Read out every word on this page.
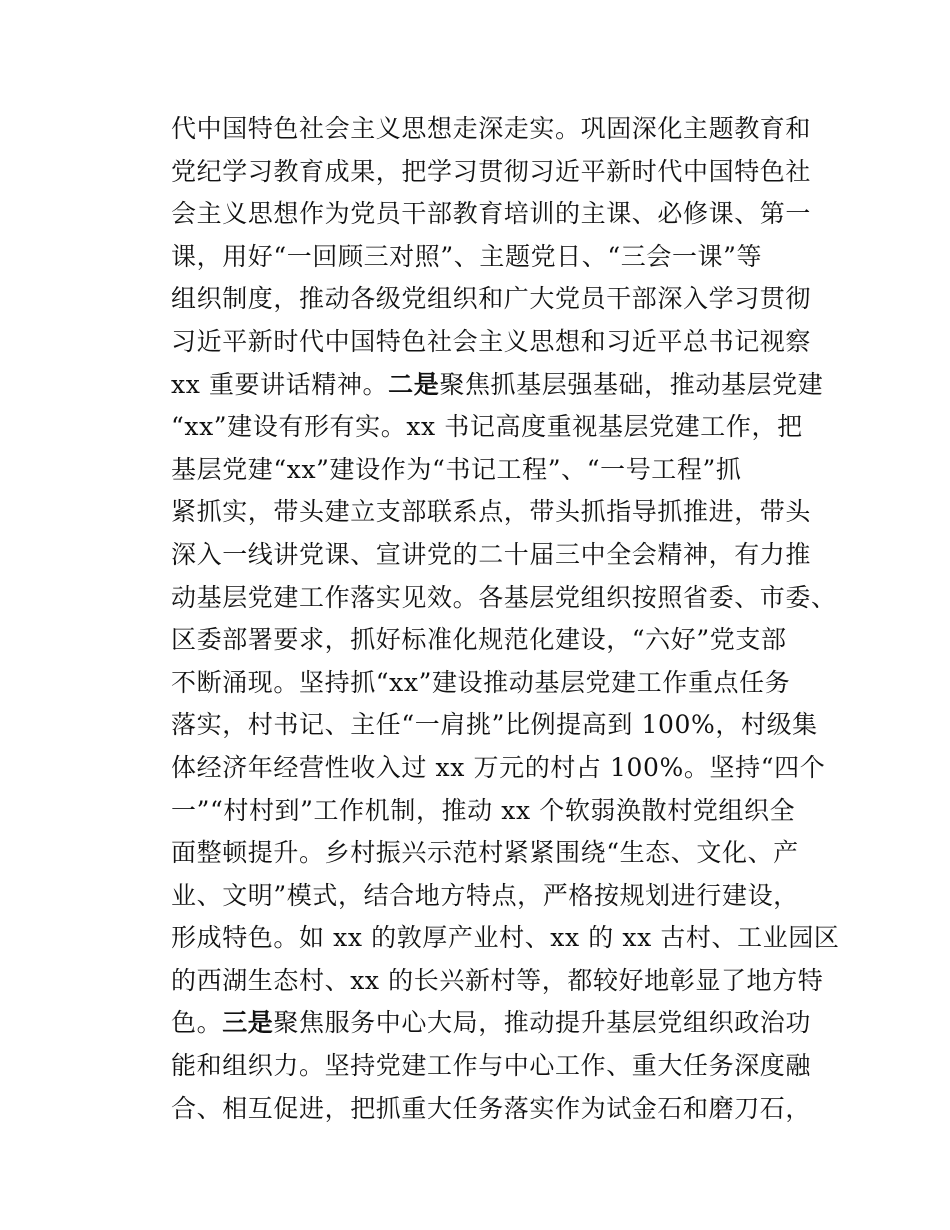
代中国特色社会主义思想走深走实。巩固深化主题教育和
党纪学习教育成果，把学习贯彻习近平新时代中国特色社
会主义思想作为党员干部教育培训的主课、必修课、第一
课，用好“一回顾三对照”、主题党日、“三会一课”等
组织制度，推动各级党组织和广大党员干部深入学习贯彻
习近平新时代中国特色社会主义思想和习近平总书记视察
xx 重要讲话精神。二是聚焦抓基层强基础，推动基层党建
“xx”建设有形有实。xx 书记高度重视基层党建工作，把
基层党建“xx”建设作为“书记工程”、“一号工程”抓
紧抓实，带头建立支部联系点，带头抓指导抓推进，带头
深入一线讲党课、宣讲党的二十届三中全会精神，有力推
动基层党建工作落实见效。各基层党组织按照省委、市委、
区委部署要求，抓好标准化规范化建设，“六好”党支部
不断涌现。坚持抓“xx”建设推动基层党建工作重点任务
落实，村书记、主任“一肩挑”比例提高到 100%，村级集
体经济年经营性收入过 xx 万元的村占 100%。坚持“四个
一”“村村到”工作机制，推动 xx 个软弱涣散村党组织全
面整顿提升。乡村振兴示范村紧紧围绕“生态、文化、产
业、文明”模式，结合地方特点，严格按规划进行建设，
形成特色。如 xx 的敦厚产业村、xx 的 xx 古村、工业园区
的西湖生态村、xx 的长兴新村等，都较好地彰显了地方特
色。三是聚焦服务中心大局，推动提升基层党组织政治功
能和组织力。坚持党建工作与中心工作、重大任务深度融
合、相互促进，把抓重大任务落实作为试金石和磨刀石，
